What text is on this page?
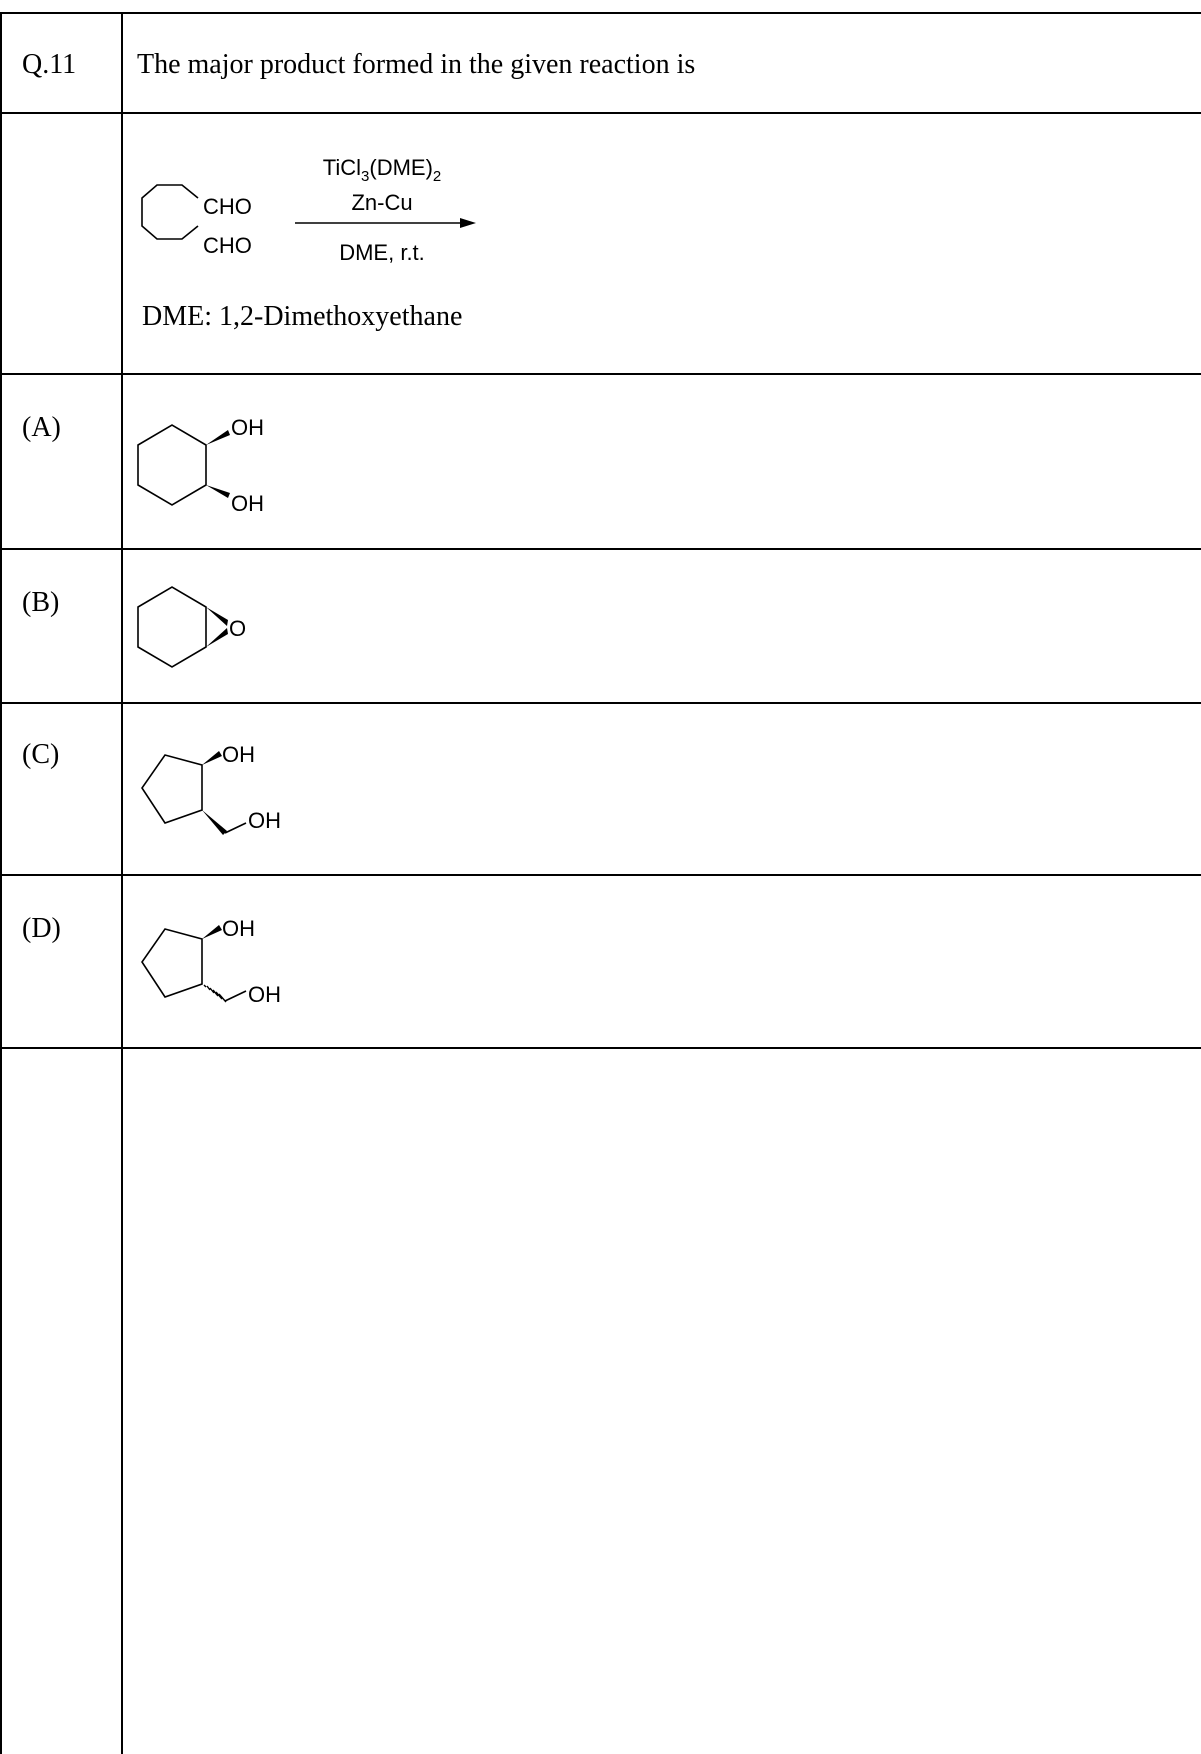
Q.11 The major product formed in the given reaction is
CHO
CHO
$TiCl_3(DME)_2$
Zn-Cu
DME, r.t.
DME: 1,2-Dimethoxyethane
(A)	OH
OH
(B)
O
(C)	OH
OH
(D)	OH
OH
